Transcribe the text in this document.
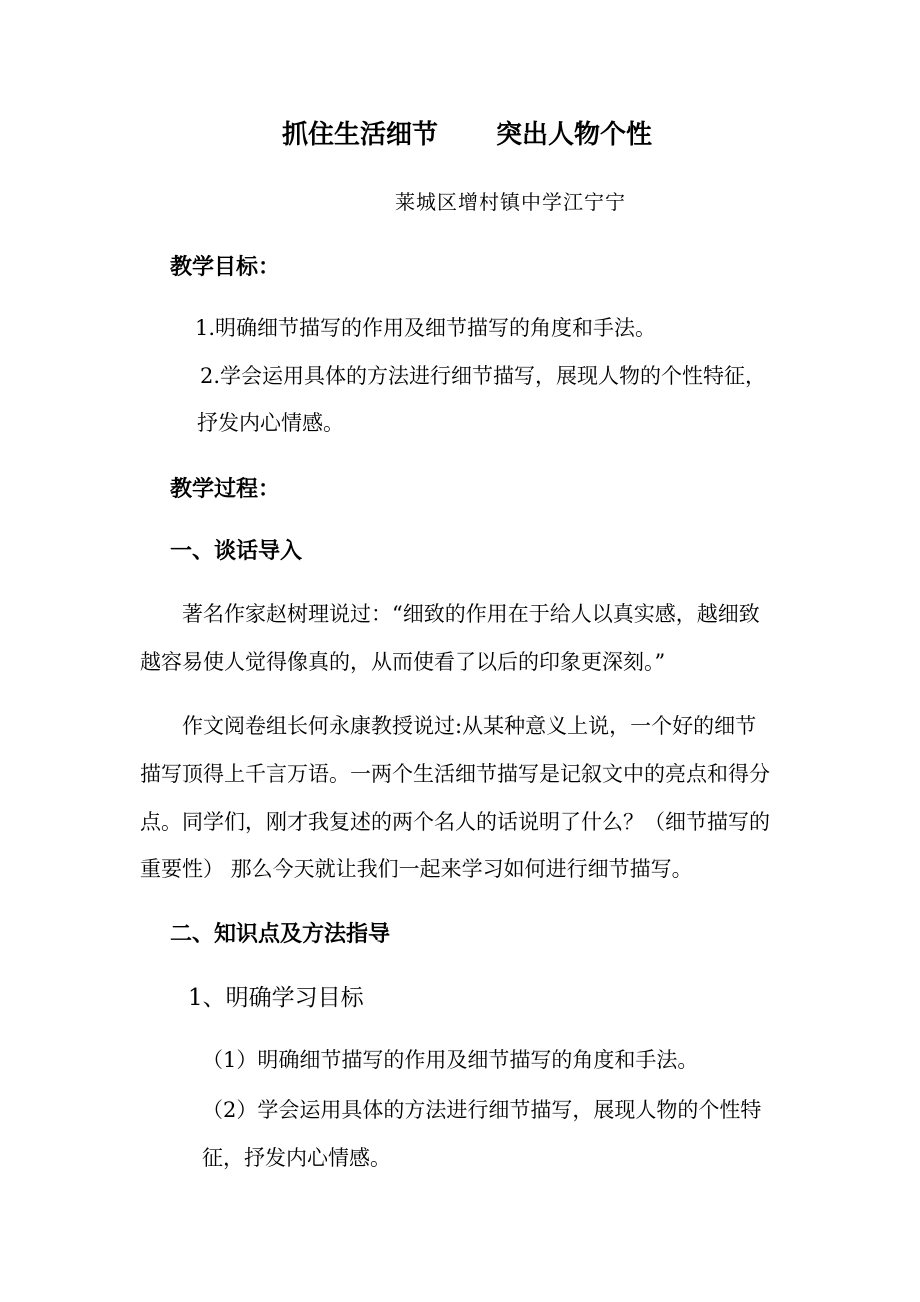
抓住生活细节 突出人物个性

莱城区增村镇中学江宁宁

教学目标：

1.明确细节描写的作用及细节描写的角度和手法。

2.学会运用具体的方法进行细节描写，展现人物的个性特征，

抒发内心情感。

教学过程：
一、谈话导入

著名作家赵树理说过：“细致的作用在于给人以真实感，越细致

越容易使人觉得像真的，从而使看了以后的印象更深刻。”

作文阅卷组长何永康教授说过:从某种意义上说，一个好的细节

描写顶得上千言万语。一两个生活细节描写是记叙文中的亮点和得分

点。同学们，刚才我复述的两个名人的话说明了什么？（细节描写的

重要性） 那么今天就让我们一起来学习如何进行细节描写。

二、知识点及方法指导
1、明确学习目标

（1）明确细节描写的作用及细节描写的角度和手法。

（2）学会运用具体的方法进行细节描写，展现人物的个性特

征，抒发内心情感。
